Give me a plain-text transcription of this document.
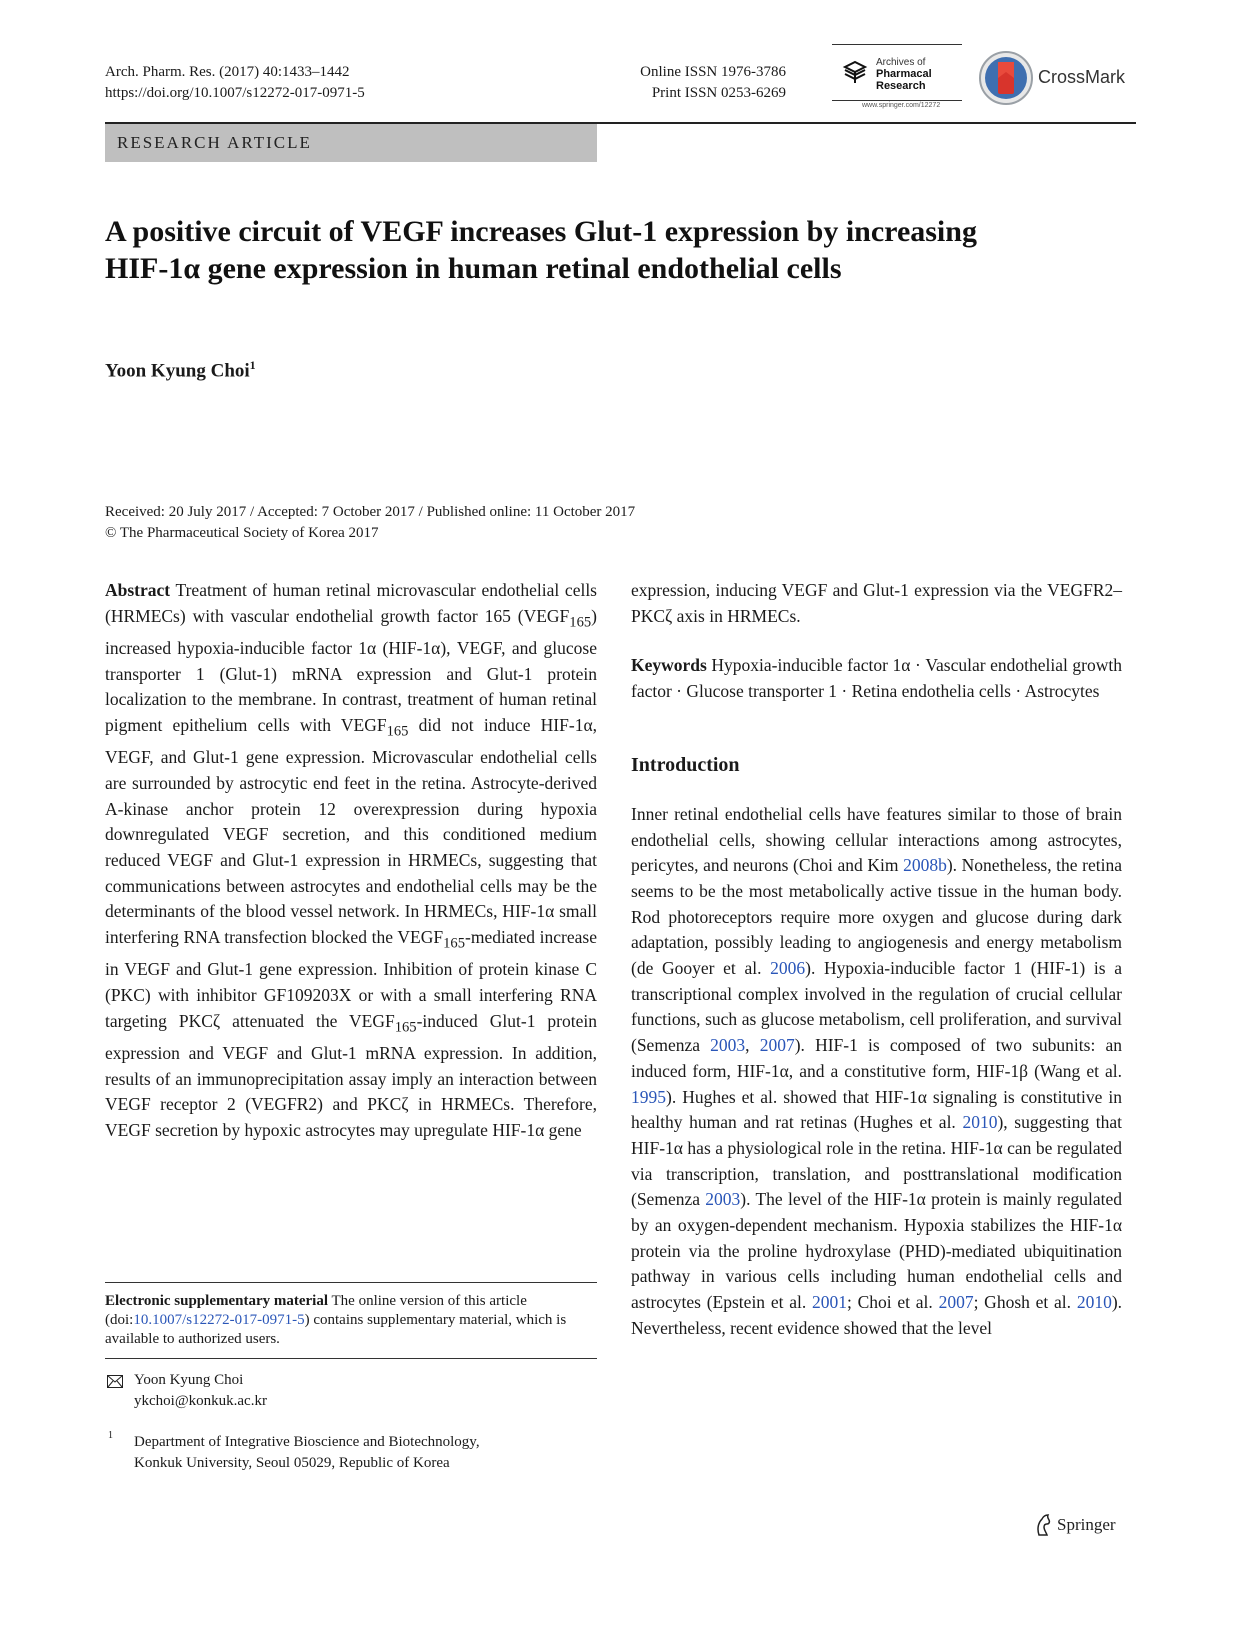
Arch. Pharm. Res. (2017) 40:1433–1442
https://doi.org/10.1007/s12272-017-0971-5
Online ISSN 1976-3786
Print ISSN 0253-6269
Archives of
Pharmacal
Research
www.springer.com/12272
CrossMark
RESEARCH ARTICLE
A positive circuit of VEGF increases Glut-1 expression by increasing HIF-1α gene expression in human retinal endothelial cells
Yoon Kyung Choi$^1$
Received: 20 July 2017 / Accepted: 7 October 2017 / Published online: 11 October 2017
© The Pharmaceutical Society of Korea 2017

Abstract Treatment of human retinal microvascular endothelial cells (HRMECs) with vascular endothelial growth factor 165 $(VEGF_{165})$ increased hypoxia-inducible factor 1α (HIF-1α), VEGF, and glucose transporter 1 (Glut-1) mRNA expression and Glut-1 protein localization to the membrane. In contrast, treatment of human retinal pigment epithelium cells with $VEGF_{165}$ did not induce HIF-1α, VEGF, and Glut-1 gene expression. Microvascular endothelial cells are surrounded by astrocytic end feet in the retina. Astrocyte-derived A-kinase anchor protein 12 overexpression during hypoxia downregulated VEGF secretion, and this conditioned medium reduced VEGF and Glut-1 expression in HRMECs, suggesting that communications between astrocytes and endothelial cells may be the determinants of the blood vessel network. In HRMECs, HIF-1α small interfering RNA transfection blocked the $VEGF_{165}$-mediated increase in VEGF and Glut-1 gene expression. Inhibition of protein kinase C (PKC) with inhibitor GF109203X or with a small interfering RNA targeting PKCζ attenuated the $VEGF_{165}$-induced Glut-1 protein expression and VEGF and Glut-1 mRNA expression. In addition, results of an immunoprecipitation assay imply an interaction between VEGF receptor 2 (VEGFR2) and PKCζ in HRMECs. Therefore, VEGF secretion by hypoxic astrocytes may upregulate HIF-1α gene

expression, inducing VEGF and Glut-1 expression via the VEGFR2–PKCζ axis in HRMECs.

Keywords Hypoxia-inducible factor 1α · Vascular endothelial growth factor · Glucose transporter 1 · Retina endothelia cells · Astrocytes

Introduction

Inner retinal endothelial cells have features similar to those of brain endothelial cells, showing cellular interactions among astrocytes, pericytes, and neurons (Choi and Kim 2008b). Nonetheless, the retina seems to be the most metabolically active tissue in the human body. Rod photoreceptors require more oxygen and glucose during dark adaptation, possibly leading to angiogenesis and energy metabolism (de Gooyer et al. 2006). Hypoxia-inducible factor 1 (HIF-1) is a transcriptional complex involved in the regulation of crucial cellular functions, such as glucose metabolism, cell proliferation, and survival (Semenza 2003, 2007). HIF-1 is composed of two subunits: an induced form, HIF-1α, and a constitutive form, HIF-1β (Wang et al. 1995). Hughes et al. showed that HIF-1α signaling is constitutive in healthy human and rat retinas (Hughes et al. 2010), suggesting that HIF-1α has a physiological role in the retina. HIF-1α can be regulated via transcription, translation, and posttranslational modification (Semenza 2003). The level of the HIF-1α protein is mainly regulated by an oxygen-dependent mechanism. Hypoxia stabilizes the HIF-1α protein via the proline hydroxylase (PHD)-mediated ubiquitination pathway in various cells including human endothelial cells and astrocytes (Epstein et al. 2001; Choi et al. 2007; Ghosh et al. 2010). Nevertheless, recent evidence showed that the level

Electronic supplementary material The online version of this article (doi:10.1007/s12272-017-0971-5) contains supplementary material, which is available to authorized users.
Yoon Kyung Choi
ykchoi@konkuk.ac.kr
1 Department of Integrative Bioscience and Biotechnology,
Konkuk University, Seoul 05029, Republic of Korea
Springer
